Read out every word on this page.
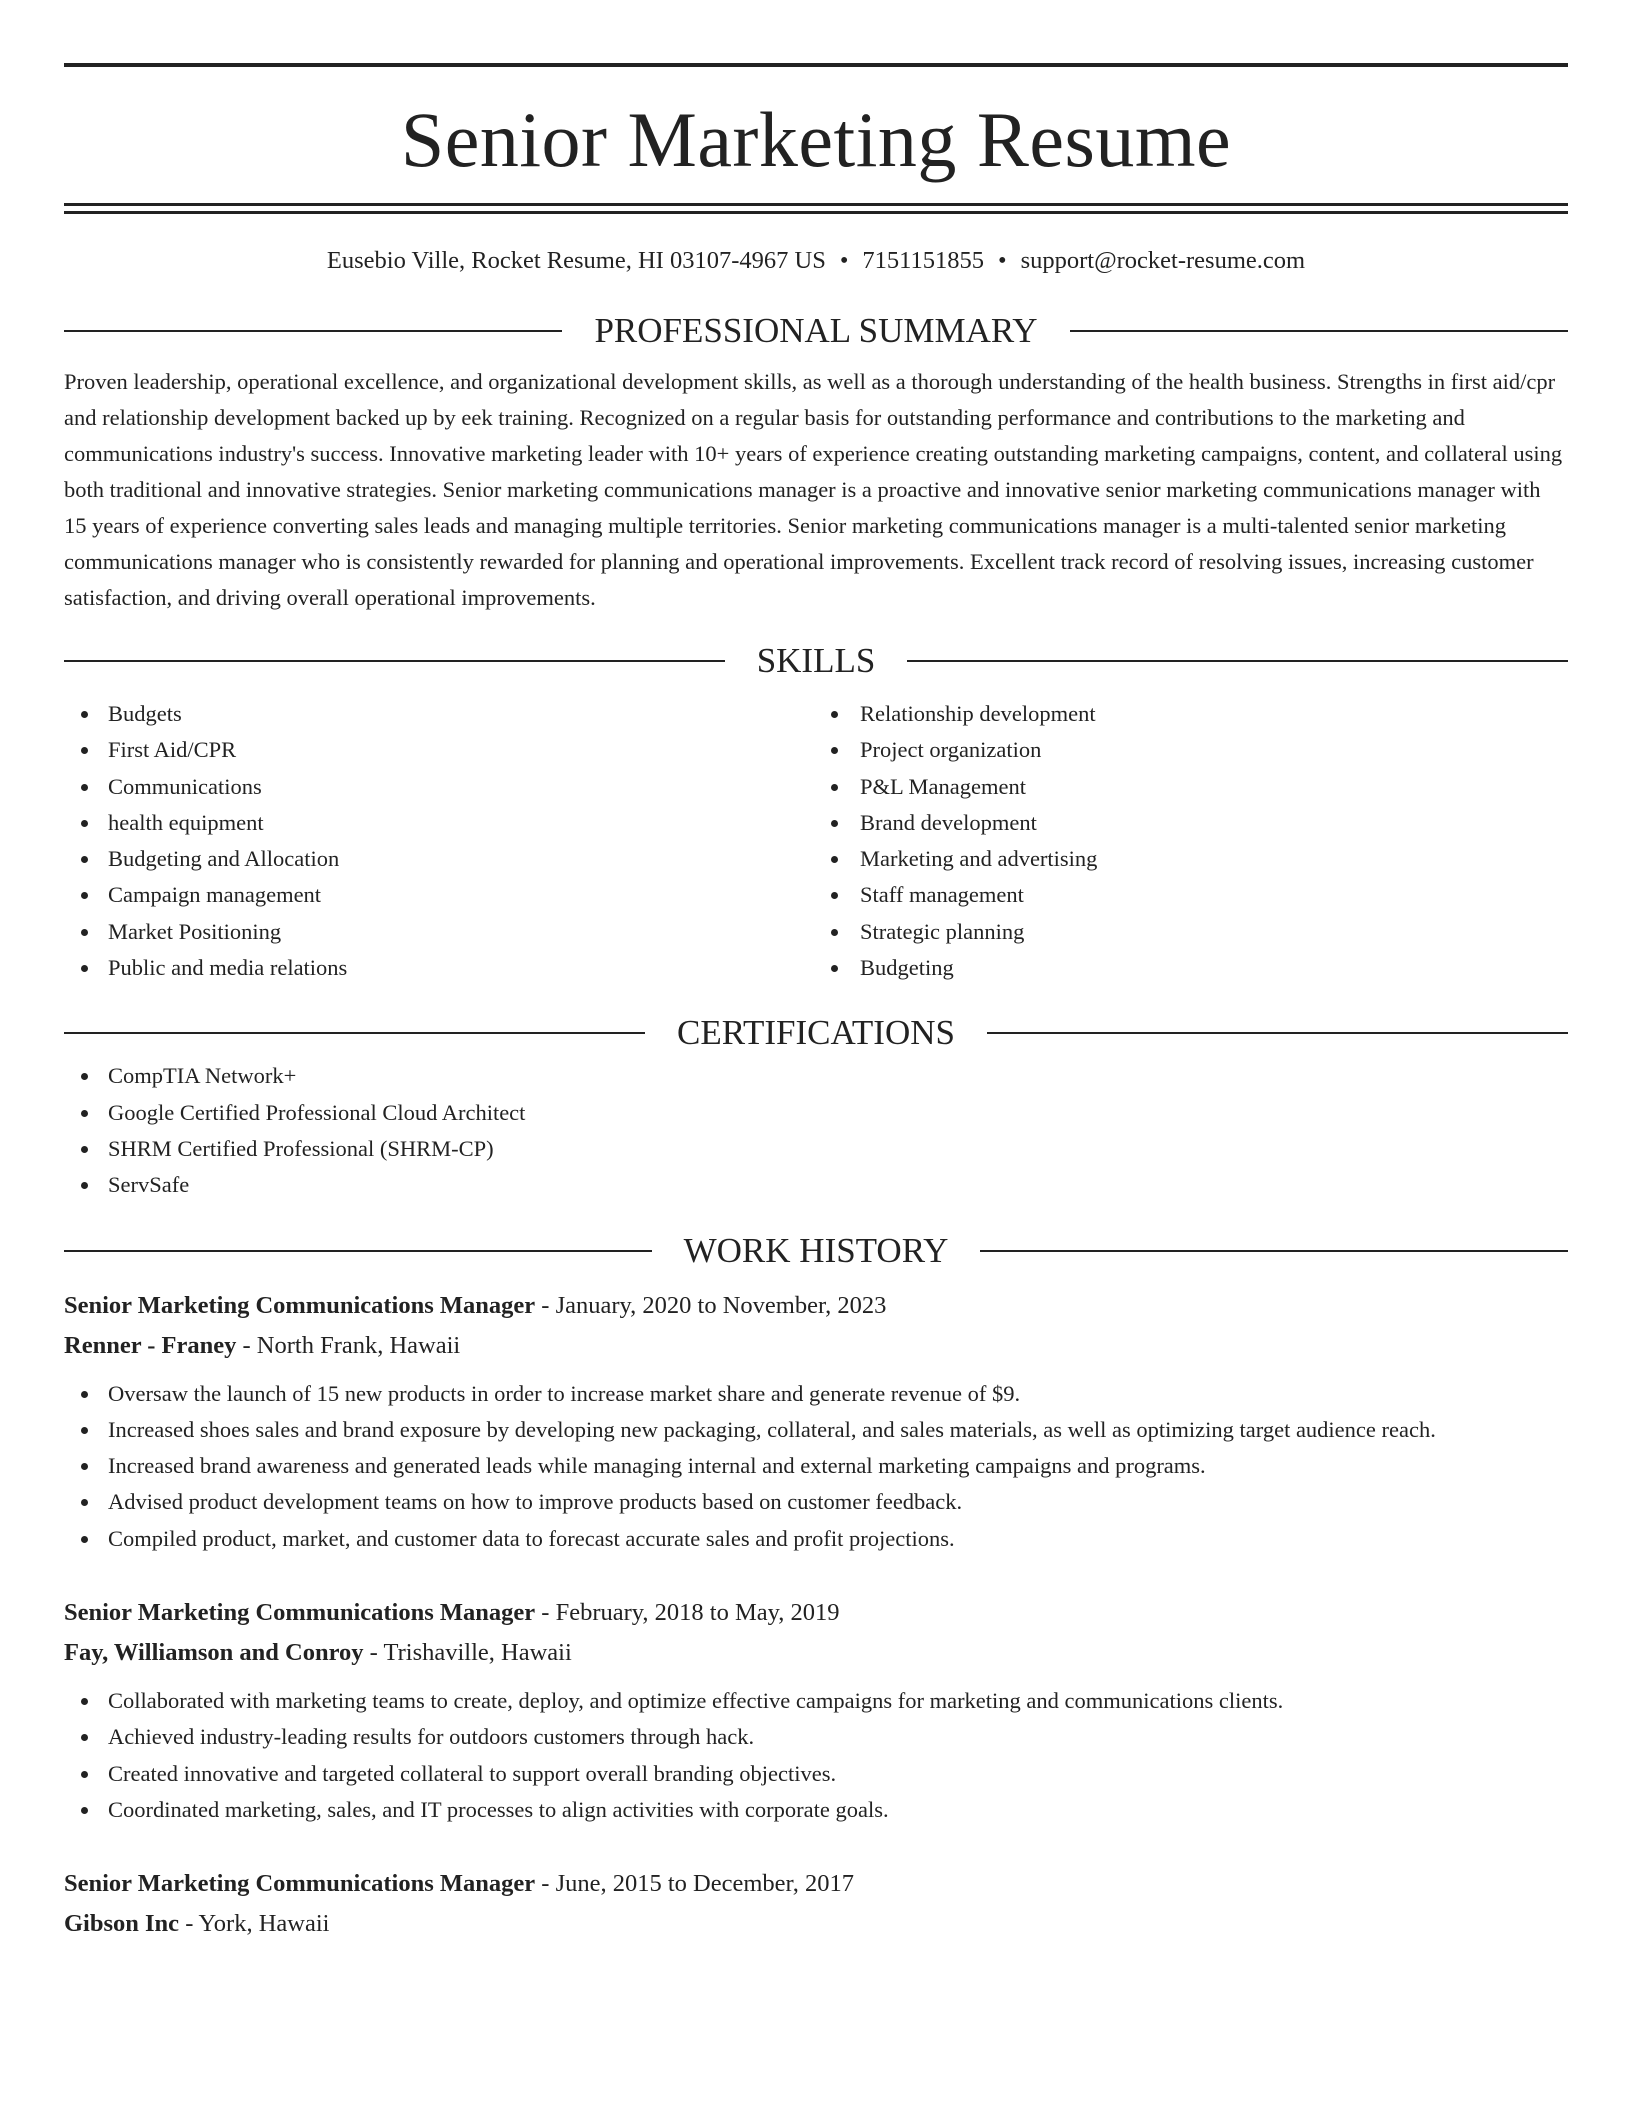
Senior Marketing Resume
Eusebio Ville, Rocket Resume, HI 03107-4967 US • 7151151855 • support@rocket-resume.com
PROFESSIONAL SUMMARY
Proven leadership, operational excellence, and organizational development skills, as well as a thorough understanding of the health business. Strengths in first aid/cpr and relationship development backed up by eek training. Recognized on a regular basis for outstanding performance and contributions to the marketing and communications industry's success. Innovative marketing leader with 10+ years of experience creating outstanding marketing campaigns, content, and collateral using both traditional and innovative strategies. Senior marketing communications manager is a proactive and innovative senior marketing communications manager with 15 years of experience converting sales leads and managing multiple territories. Senior marketing communications manager is a multi-talented senior marketing communications manager who is consistently rewarded for planning and operational improvements. Excellent track record of resolving issues, increasing customer satisfaction, and driving overall operational improvements.
SKILLS
Budgets
First Aid/CPR
Communications
health equipment
Budgeting and Allocation
Campaign management
Market Positioning
Public and media relations
Relationship development
Project organization
P&L Management
Brand development
Marketing and advertising
Staff management
Strategic planning
Budgeting
CERTIFICATIONS
CompTIA Network+
Google Certified Professional Cloud Architect
SHRM Certified Professional (SHRM-CP)
ServSafe
WORK HISTORY
Senior Marketing Communications Manager - January, 2020 to November, 2023
Renner - Franey - North Frank, Hawaii
Oversaw the launch of 15 new products in order to increase market share and generate revenue of $9.
Increased shoes sales and brand exposure by developing new packaging, collateral, and sales materials, as well as optimizing target audience reach.
Increased brand awareness and generated leads while managing internal and external marketing campaigns and programs.
Advised product development teams on how to improve products based on customer feedback.
Compiled product, market, and customer data to forecast accurate sales and profit projections.
Senior Marketing Communications Manager - February, 2018 to May, 2019
Fay, Williamson and Conroy - Trishaville, Hawaii
Collaborated with marketing teams to create, deploy, and optimize effective campaigns for marketing and communications clients.
Achieved industry-leading results for outdoors customers through hack.
Created innovative and targeted collateral to support overall branding objectives.
Coordinated marketing, sales, and IT processes to align activities with corporate goals.
Senior Marketing Communications Manager - June, 2015 to December, 2017
Gibson Inc - York, Hawaii
